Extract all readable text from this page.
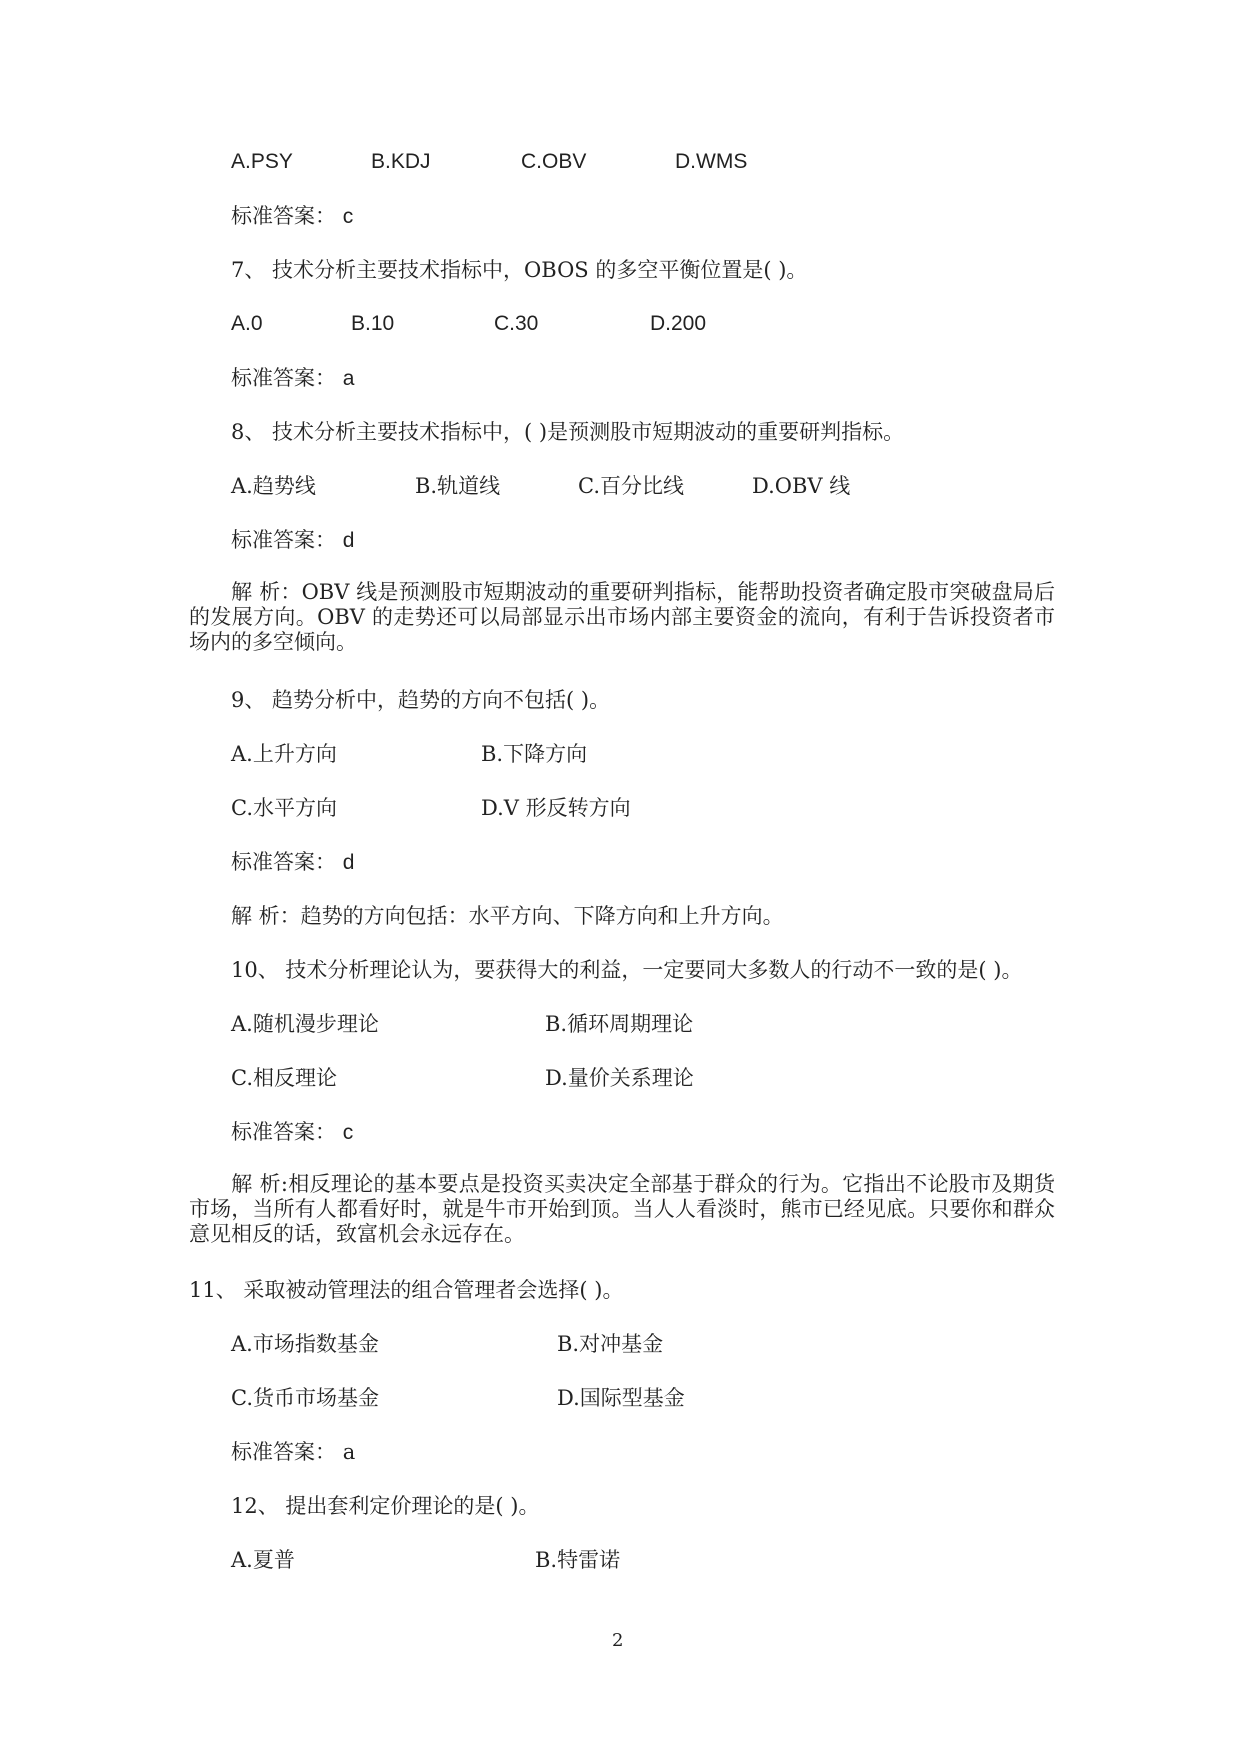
A.PSY	B.KDJ	C.OBV	D.WMS
标准答案： c
7、 技术分析主要技术指标中，OBOS 的多空平衡位置是( )。
A.0	B.10	C.30	D.200
标准答案： a
8、 技术分析主要技术指标中，( )是预测股市短期波动的重要研判指标。
A.趋势线	B.轨道线	C.百分比线	D.OBV 线
标准答案： d
解 析：OBV 线是预测股市短期波动的重要研判指标，能帮助投资者确定股市突破盘局后的发展方向。OBV 的走势还可以局部显示出市场内部主要资金的流向，有利于告诉投资者市场内的多空倾向。
9、 趋势分析中，趋势的方向不包括( )。
A.上升方向	B.下降方向
C.水平方向	D.V 形反转方向
标准答案： d
解 析：趋势的方向包括：水平方向、下降方向和上升方向。
10、 技术分析理论认为，要获得大的利益，一定要同大多数人的行动不一致的是( )。
A.随机漫步理论	B.循环周期理论
C.相反理论	D.量价关系理论
标准答案： c
解 析:相反理论的基本要点是投资买卖决定全部基于群众的行为。它指出不论股市及期货市场，当所有人都看好时，就是牛市开始到顶。当人人看淡时，熊市已经见底。只要你和群众意见相反的话，致富机会永远存在。
11、 采取被动管理法的组合管理者会选择( )。
A.市场指数基金	B.对冲基金
C.货币市场基金	D.国际型基金
标准答案： a
12、 提出套利定价理论的是( )。
A.夏普	B.特雷诺
2
